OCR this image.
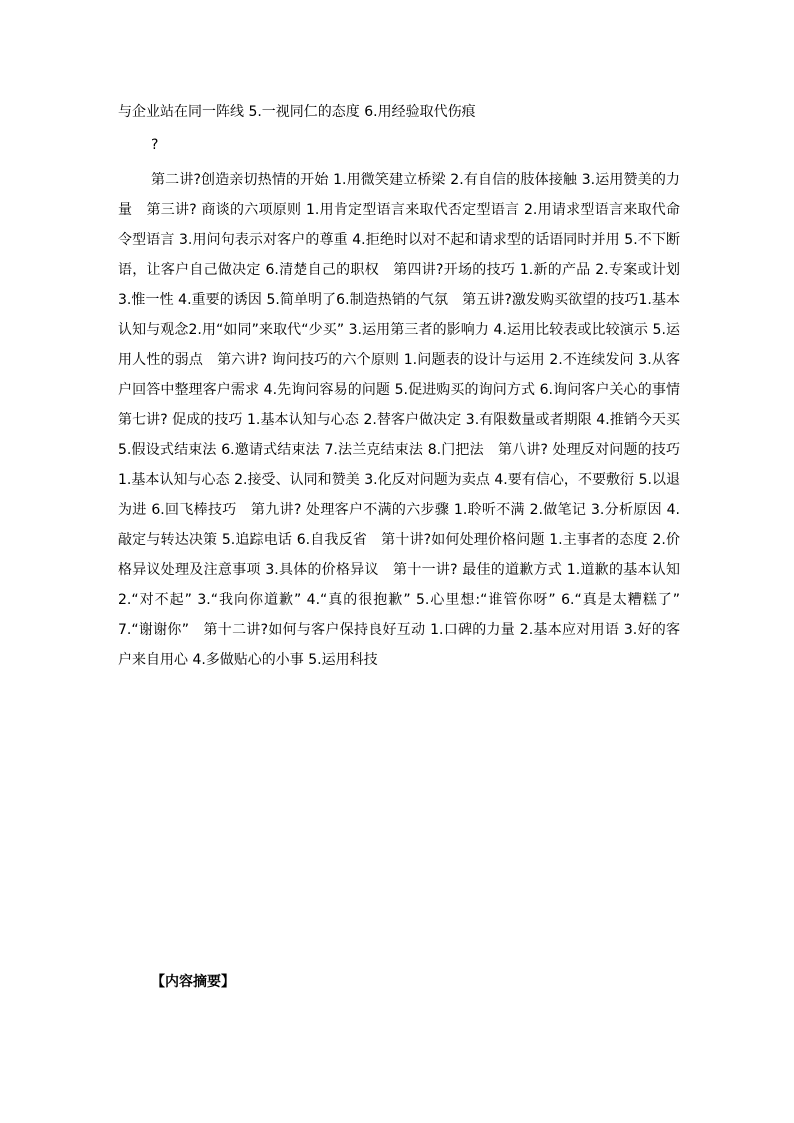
与企业站在同一阵线 5.一视同仁的态度 6.用经验取代伤痕
?

第二讲?创造亲切热情的开始 1.用微笑建立桥梁 2.有自信的肢体接触 3.运用赞美的力量　第三讲? 商谈的六项原则 1.用肯定型语言来取代否定型语言 2.用请求型语言来取代命令型语言 3.用问句表示对客户的尊重 4.拒绝时以对不起和请求型的话语同时并用 5.不下断语，让客户自己做决定 6.清楚自己的职权　第四讲?开场的技巧 1.新的产品 2.专案或计划 3.惟一性 4.重要的诱因 5.简单明了6.制造热销的气氛　第五讲?激发购买欲望的技巧1.基本认知与观念2.用“如同”来取代“少买” 3.运用第三者的影响力 4.运用比较表或比较演示 5.运用人性的弱点　第六讲? 询问技巧的六个原则 1.问题表的设计与运用 2.不连续发问 3.从客户回答中整理客户需求 4.先询问容易的问题 5.促进购买的询问方式 6.询问客户关心的事情　第七讲? 促成的技巧 1.基本认知与心态 2.替客户做决定 3.有限数量或者期限 4.推销今天买 5.假设式结束法 6.邀请式结束法 7.法兰克结束法 8.门把法　第八讲? 处理反对问题的技巧 1.基本认知与心态 2.接受、认同和赞美 3.化反对问题为卖点 4.要有信心，不要敷衍 5.以退为进 6.回飞棒技巧　第九讲? 处理客户不满的六步骤 1.聆听不满 2.做笔记 3.分析原因 4.敲定与转达决策 5.追踪电话 6.自我反省　第十讲?如何处理价格问题 1.主事者的态度 2.价格异议处理及注意事项 3.具体的价格异议　第十一讲? 最佳的道歉方式 1.道歉的基本认知 2.“对不起” 3.“我向你道歉” 4.“真的很抱歉” 5.心里想:“谁管你呀” 6.“真是太糟糕了” 7.“谢谢你”　第十二讲?如何与客户保持良好互动 1.口碑的力量 2.基本应对用语 3.好的客户来自用心 4.多做贴心的小事 5.运用科技

【内容摘要】
